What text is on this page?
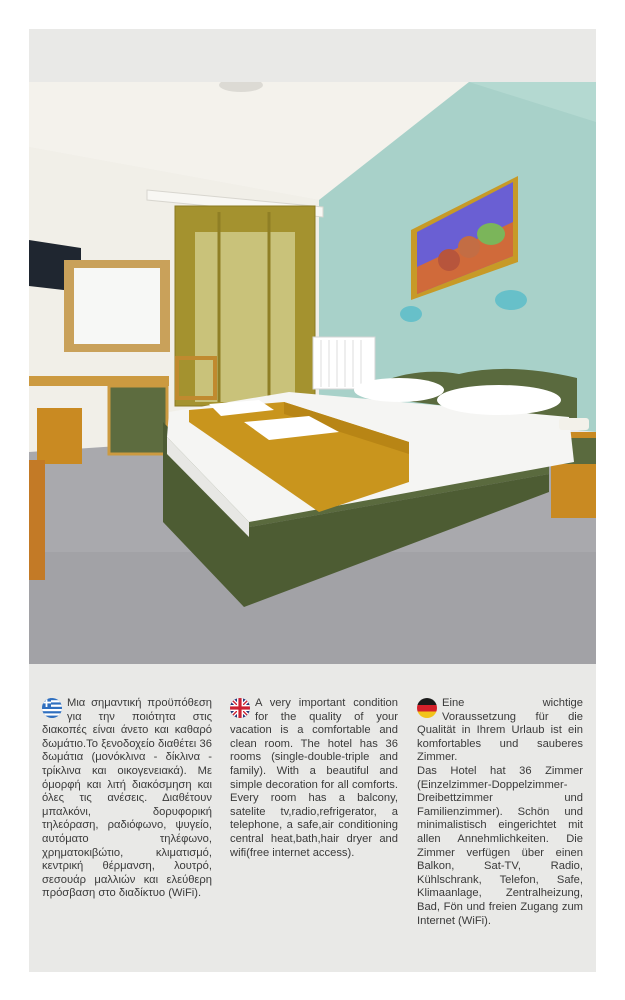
Μια σημαντική προϋπόθεση για την ποιότητα στις διακοπές είναι άνετο και καθαρό δωμάτιο.Το ξενοδοχείο διαθέτει 36 δωμάτια (μονόκλινα - δίκλινα - τρίκλινα και οικογενειακά). Με όμορφή και λιτή διακόσμηση και όλες τις ανέσεις. Διαθέτουν μπαλκόνι, δορυφορική τηλεόραση, ραδιόφωνο, ψυγείο, αυτόματο τηλέφωνο, χρηματοκιβώτιο, κλιματισμό, κεντρική θέρμανση, λουτρό, σεσουάρ μαλλιών και ελεύθερη πρόσβαση στο διαδίκτυο (WiFi).

A very important condition for the quality of your vacation is a comfortable and clean room. The hotel has 36 rooms (single-double-triple and family). With a beautiful and simple decoration for all comforts. Every room has a balcony, satelite tv,radio,refrigerator, a telephone, a safe,air conditioning central heat,bath,hair dryer and wifi(free internet access).

Eine wichtige Voraussetzung für die Qualität in Ihrem Urlaub ist ein komfortables und sauberes Zimmer.

Das Hotel hat 36 Zimmer (Einzelzimmer-Doppelzimmer-Dreibettzimmer und Familienzimmer). Schön und minimalistisch eingerichtet mit allen Annehmlichkeiten. Die Zimmer verfügen über einen Balkon, Sat-TV, Radio, Kühlschrank, Telefon, Safe, Klimaanlage, Zentralheizung, Bad, Fön und freien Zugang zum Internet (WiFi).
